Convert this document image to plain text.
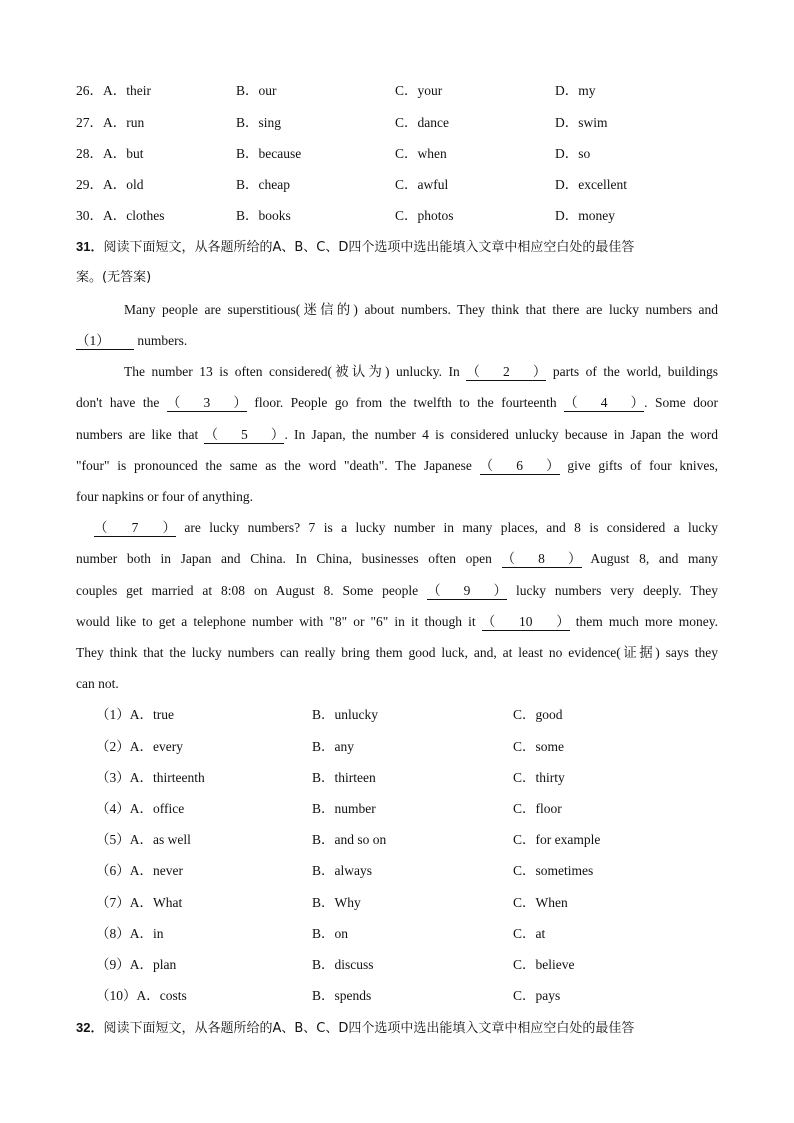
26．A．their	B．our	C．your	D．my
27．A．run	B．sing	C．dance	D．swim
28．A．but	B．because	C．when	D．so
29．A．old	B．cheap	C．awful	D．excellent
30．A．clothes	B．books	C．photos	D．money
31．阅读下面短文，从各题所给的A、B、C、D四个选项中选出能填入文章中相应空白处的最佳答
案。(无答案)
Many people are superstitious(迷信的) about numbers. They think that there are lucky numbers and
（1） numbers.
The number 13 is often considered(被认为) unlucky. In （2） parts of the world, buildings
don't have the （3） floor. People go from the twelfth to the fourteenth （4）. Some door
numbers are like that （5）. In Japan, the number 4 is considered unlucky because in Japan the word
"four" is pronounced the same as the word "death". The Japanese （6） give gifts of four knives,
four napkins or four of anything.
（7） are lucky numbers? 7 is a lucky number in many places, and 8 is considered a lucky
number both in Japan and China. In China, businesses often open （8） August 8, and many
couples get married at 8:08 on August 8. Some people （9） lucky numbers very deeply. They
would like to get a telephone number with "8" or "6" in it though it （10） them much more money.
They think that the lucky numbers can really bring them good luck, and, at least no evidence(证据) says they
can not.
（1）A．true	B．unlucky	C．good
（2）A．every	B．any	C．some
（3）A．thirteenth	B．thirteen	C．thirty
（4）A．office	B．number	C．floor
（5）A．as well	B．and so on	C．for example
（6）A．never	B．always	C．sometimes
（7）A．What	B．Why	C．When
（8）A．in	B．on	C．at
（9）A．plan	B．discuss	C．believe
（10）A．costs	B．spends	C．pays
32．阅读下面短文，从各题所给的A、B、C、D四个选项中选出能填入文章中相应空白处的最佳答
